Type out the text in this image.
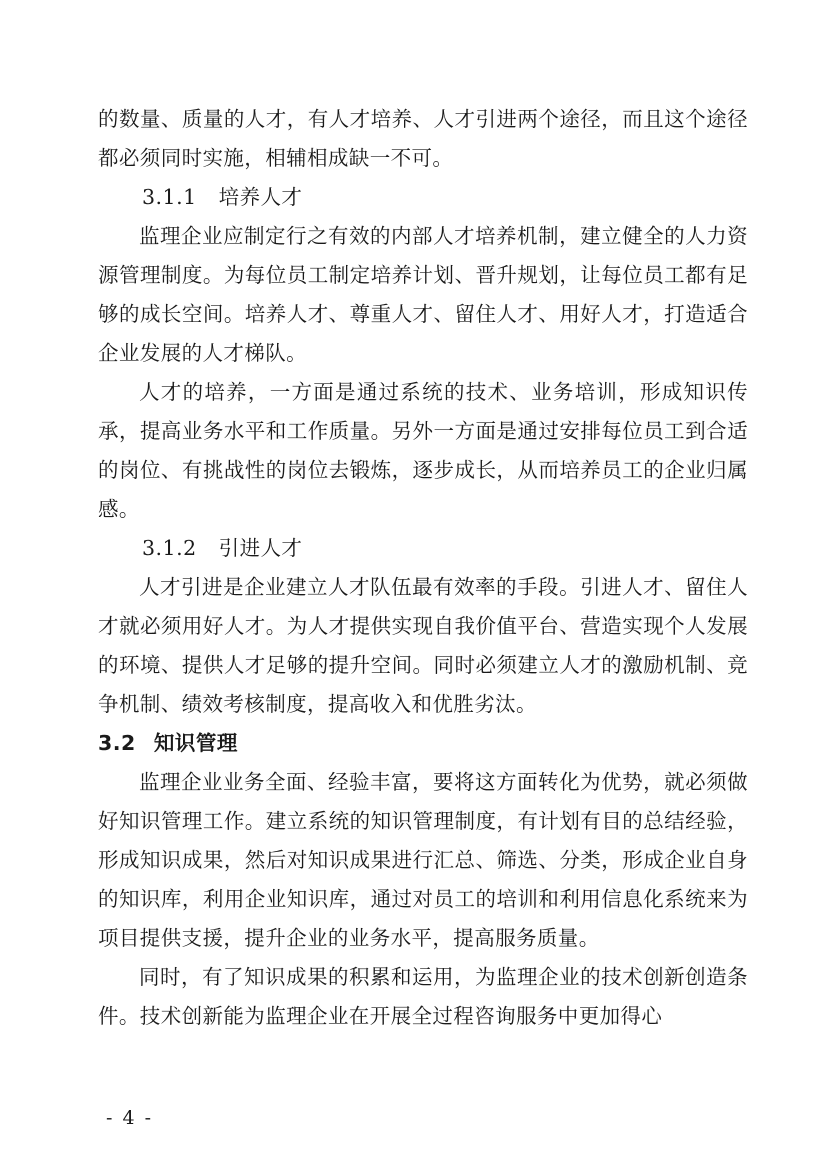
的数量、质量的人才，有人才培养、人才引进两个途径，而且这个途径都必须同时实施，相辅相成缺一不可。

3.1.1 培养人才

监理企业应制定行之有效的内部人才培养机制，建立健全的人力资源管理制度。为每位员工制定培养计划、晋升规划，让每位员工都有足够的成长空间。培养人才、尊重人才、留住人才、用好人才，打造适合企业发展的人才梯队。

人才的培养，一方面是通过系统的技术、业务培训，形成知识传承，提高业务水平和工作质量。另外一方面是通过安排每位员工到合适的岗位、有挑战性的岗位去锻炼，逐步成长，从而培养员工的企业归属感。

3.1.2 引进人才

人才引进是企业建立人才队伍最有效率的手段。引进人才、留住人才就必须用好人才。为人才提供实现自我价值平台、营造实现个人发展的环境、提供人才足够的提升空间。同时必须建立人才的激励机制、竞争机制、绩效考核制度，提高收入和优胜劣汰。

3.2 知识管理

监理企业业务全面、经验丰富，要将这方面转化为优势，就必须做好知识管理工作。建立系统的知识管理制度，有计划有目的总结经验，形成知识成果，然后对知识成果进行汇总、筛选、分类，形成企业自身的知识库，利用企业知识库，通过对员工的培训和利用信息化系统来为项目提供支援，提升企业的业务水平，提高服务质量。

同时，有了知识成果的积累和运用，为监理企业的技术创新创造条件。技术创新能为监理企业在开展全过程咨询服务中更加得心

- 4 -
